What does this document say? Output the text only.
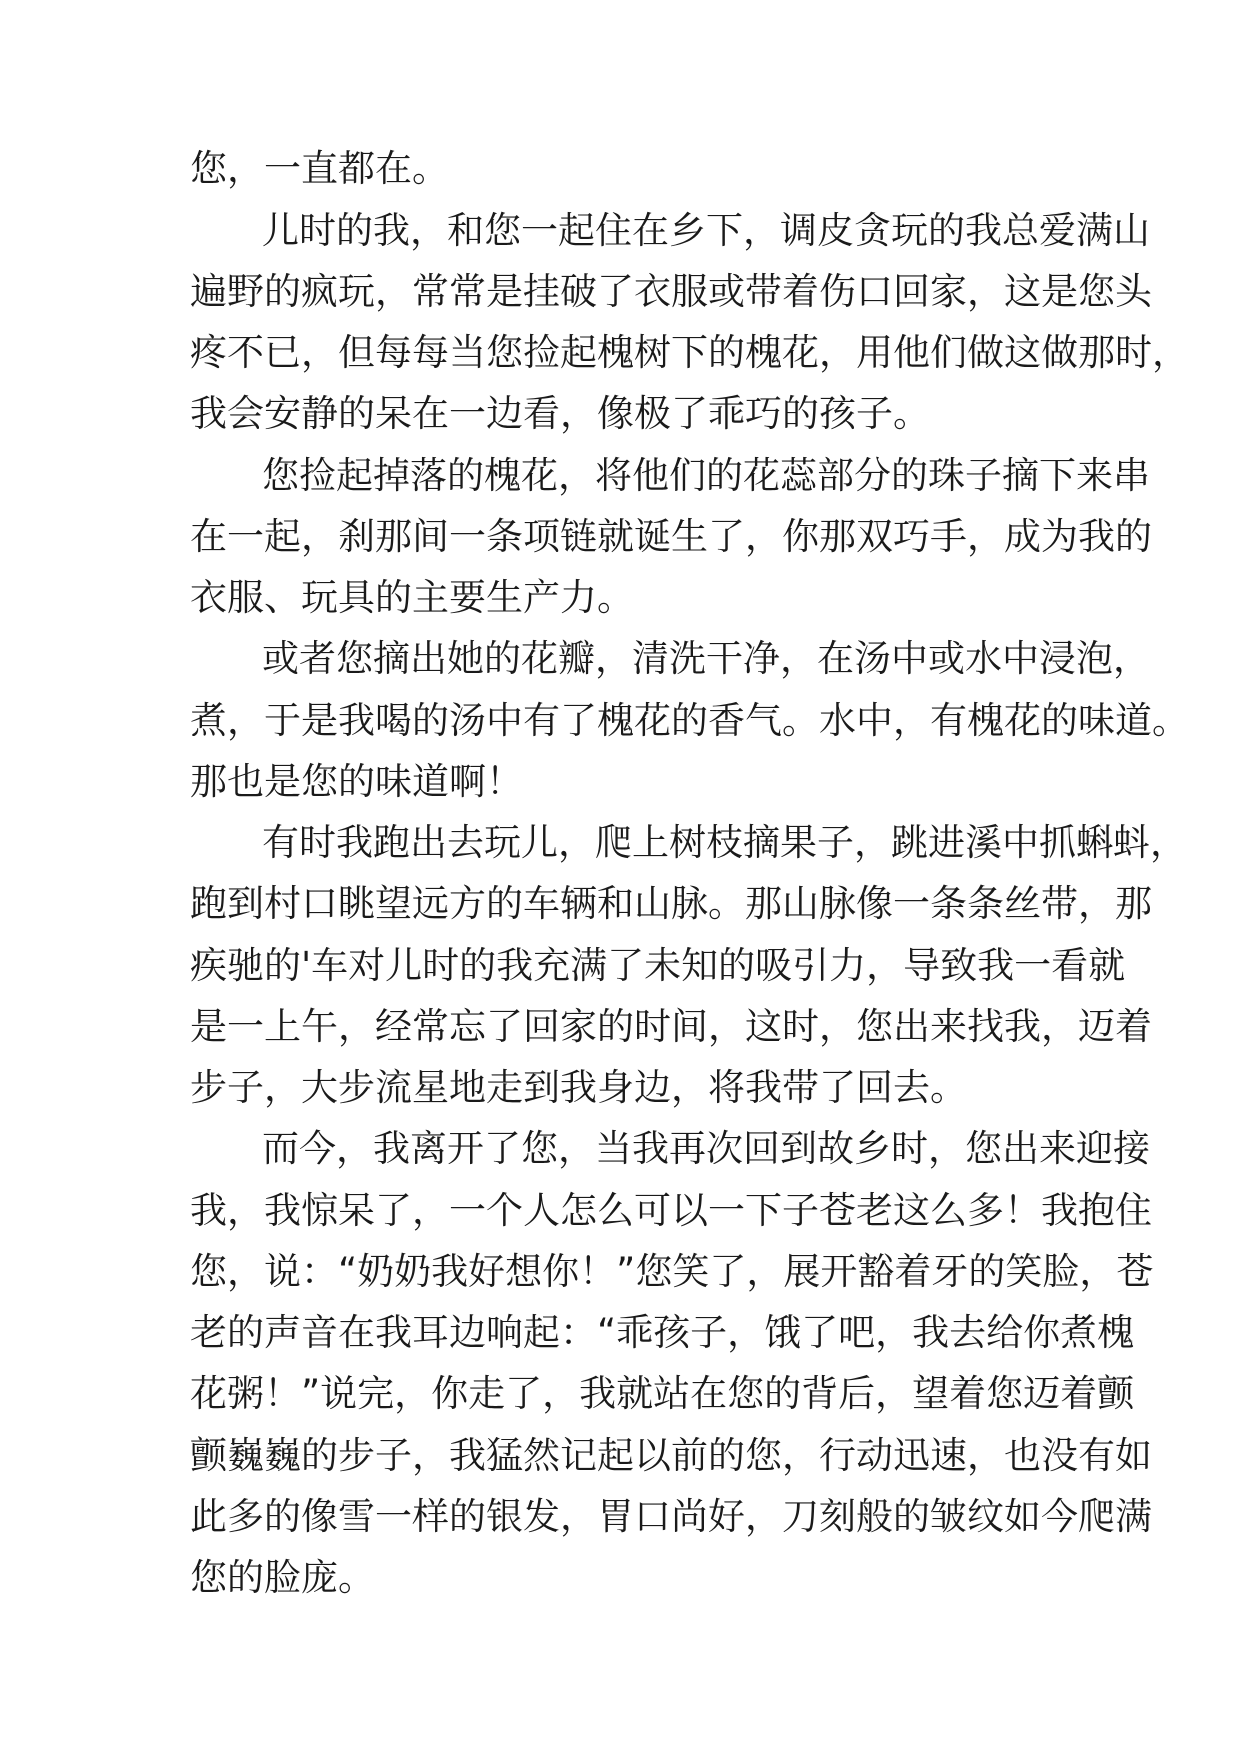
您，一直都在。
儿时的我，和您一起住在乡下，调皮贪玩的我总爱满山
遍野的疯玩，常常是挂破了衣服或带着伤口回家，这是您头
疼不已，但每每当您捡起槐树下的槐花，用他们做这做那时，
我会安静的呆在一边看，像极了乖巧的孩子。
您捡起掉落的槐花，将他们的花蕊部分的珠子摘下来串
在一起，刹那间一条项链就诞生了，你那双巧手，成为我的
衣服、玩具的主要生产力。
或者您摘出她的花瓣，清洗干净，在汤中或水中浸泡，
煮，于是我喝的汤中有了槐花的香气。水中，有槐花的味道。
那也是您的味道啊！
有时我跑出去玩儿，爬上树枝摘果子，跳进溪中抓蝌蚪，
跑到村口眺望远方的车辆和山脉。那山脉像一条条丝带，那
疾驰的'车对儿时的我充满了未知的吸引力，导致我一看就
是一上午，经常忘了回家的时间，这时，您出来找我，迈着
步子，大步流星地走到我身边，将我带了回去。
而今，我离开了您，当我再次回到故乡时，您出来迎接
我，我惊呆了，一个人怎么可以一下子苍老这么多！我抱住
您，说：“奶奶我好想你！”您笑了，展开豁着牙的笑脸，苍
老的声音在我耳边响起：“乖孩子，饿了吧，我去给你煮槐
花粥！”说完，你走了，我就站在您的背后，望着您迈着颤
颤巍巍的步子，我猛然记起以前的您，行动迅速，也没有如
此多的像雪一样的银发，胃口尚好，刀刻般的皱纹如今爬满
您的脸庞。
